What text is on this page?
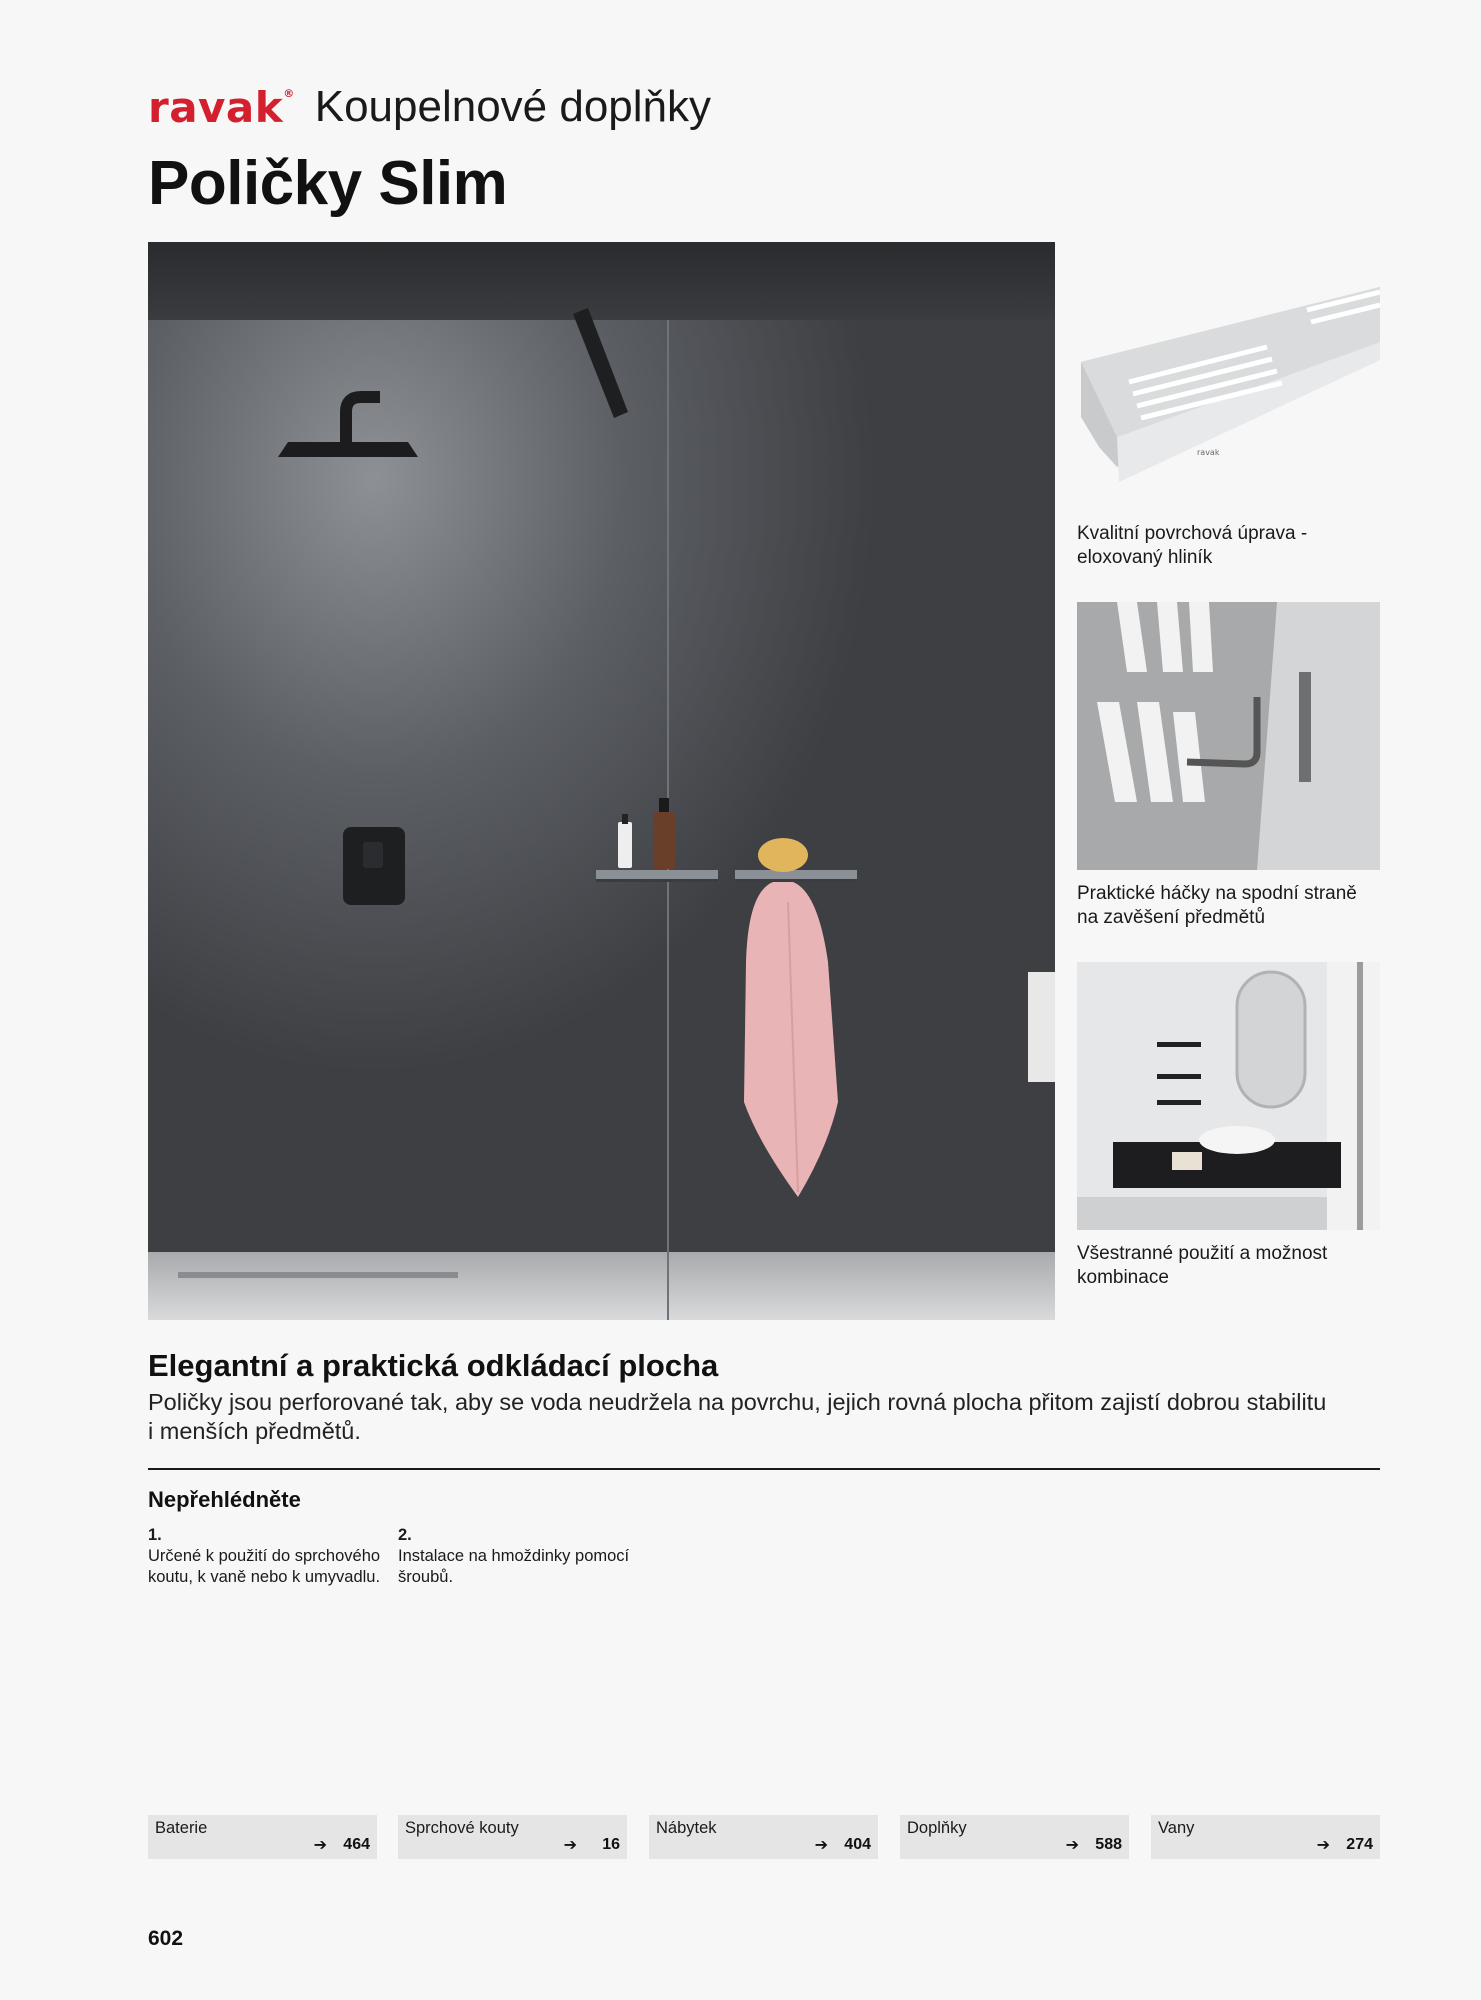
ravak® Koupelnové doplňky
Poličky Slim
ravak
Kvalitní povrchová úprava - eloxovaný hliník
Praktické háčky na spodní straně na zavěšení předmětů
Všestranné použití a možnost kombinace
Elegantní a praktická odkládací plocha

Poličky jsou perforované tak, aby se voda neudržela na povrchu, jejich rovná plocha přitom zajistí dobrou stabilitu i menších předmětů.

Nepřehlédněte
1.
Určené k použití do sprchového koutu, k vaně nebo k umyvadlu.
2.
Instalace na hmoždinky pomocí šroubů.
Baterie
➔ 464
Sprchové kouty
➔ 16
Nábytek
➔ 404
Doplňky
➔ 588
Vany
➔ 274
602
